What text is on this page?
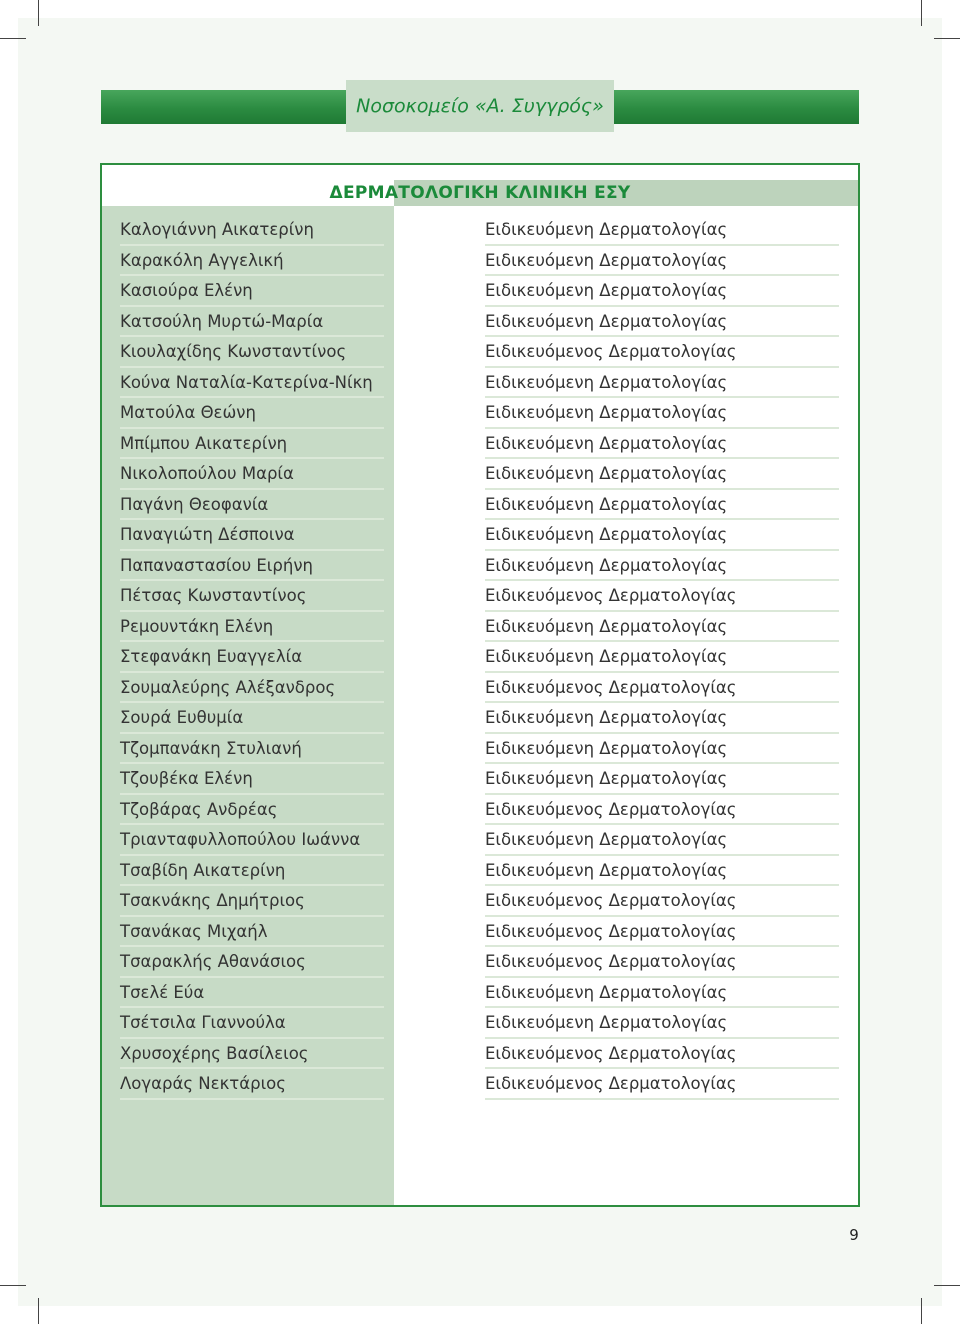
Νοσοκομείο «Α. Συγγρός»
ΔΕΡΜΑΤΟΛΟΓΙΚΗ ΚΛΙΝΙΚΗ ΕΣΥ
Καλογιάννη Αικατερίνη	Ειδικευόμενη Δερματολογίας
Καρακόλη Αγγελική	Ειδικευόμενη Δερματολογίας
Κασιούρα Ελένη	Ειδικευόμενη Δερματολογίας
Κατσούλη Μυρτώ-Μαρία	Ειδικευόμενη Δερματολογίας
Κιουλαχίδης Κωνσταντίνος	Ειδικευόμενος Δερματολογίας
Κούνα Ναταλία-Κατερίνα-Νίκη	Ειδικευόμενη Δερματολογίας
Ματούλα Θεώνη	Ειδικευόμενη Δερματολογίας
Μπίμπου Αικατερίνη	Ειδικευόμενη Δερματολογίας
Νικολοπούλου Μαρία	Ειδικευόμενη Δερματολογίας
Παγάνη Θεοφανία	Ειδικευόμενη Δερματολογίας
Παναγιώτη Δέσποινα	Ειδικευόμενη Δερματολογίας
Παπαναστασίου Ειρήνη	Ειδικευόμενη Δερματολογίας
Πέτσας Κωνσταντίνος	Ειδικευόμενος Δερματολογίας
Ρεμουντάκη Ελένη	Ειδικευόμενη Δερματολογίας
Στεφανάκη Ευαγγελία	Ειδικευόμενη Δερματολογίας
Σουμαλεύρης Αλέξανδρος	Ειδικευόμενος Δερματολογίας
Σουρά Ευθυμία	Ειδικευόμενη Δερματολογίας
Τζομπανάκη Στυλιανή	Ειδικευόμενη Δερματολογίας
Τζουβέκα Ελένη	Ειδικευόμενη Δερματολογίας
Τζοβάρας Ανδρέας	Ειδικευόμενος Δερματολογίας
Τριανταφυλλοπούλου Ιωάννα	Ειδικευόμενη Δερματολογίας
Τσαβίδη Αικατερίνη	Ειδικευόμενη Δερματολογίας
Τσακνάκης Δημήτριος	Ειδικευόμενος Δερματολογίας
Τσανάκας Μιχαήλ	Ειδικευόμενος Δερματολογίας
Τσαρακλής Αθανάσιος	Ειδικευόμενος Δερματολογίας
Τσελέ Εύα	Ειδικευόμενη Δερματολογίας
Τσέτσιλα Γιαννούλα	Ειδικευόμενη Δερματολογίας
Χρυσοχέρης Βασίλειος	Ειδικευόμενος Δερματολογίας
Λογαράς Νεκτάριος	Ειδικευόμενος Δερματολογίας
9
